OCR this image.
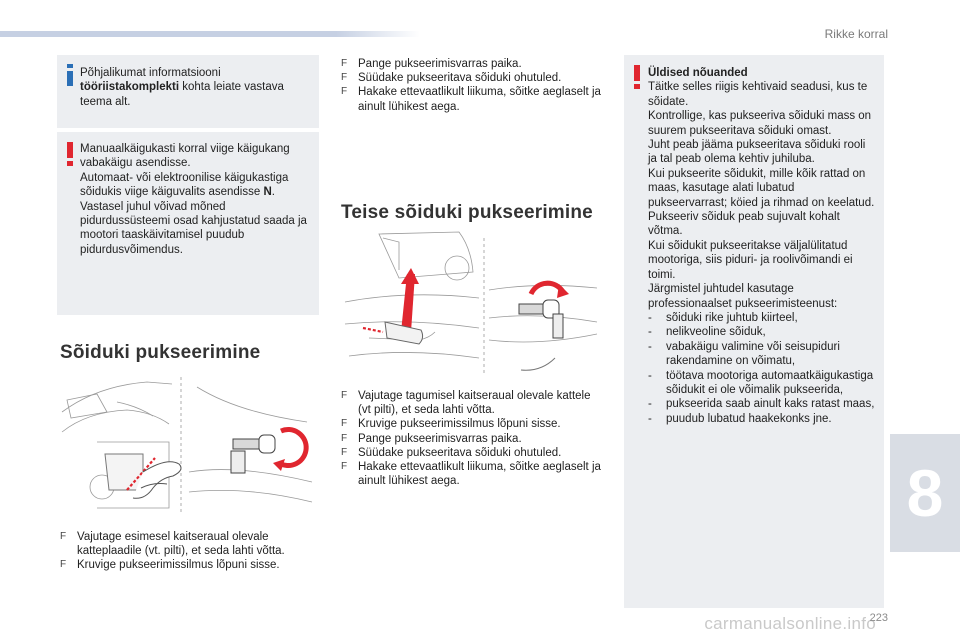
Rikke korral
Põhjalikumat informatsiooni
tööriistakomplekti kohta leiate vastava teema alt.
Manuaalkäigukasti korral viige käigukang vabakäigu asendisse.
Automaat- või elektroonilise käigukastiga sõidukis viige käiguvalits asendisse N.
Vastasel juhul võivad mõned pidurdussüsteemi osad kahjustatud saada ja mootori taaskäivitamisel puudub pidurdusvõimendus.
Sõiduki pukseerimine
F Vajutage esimesel kaitseraual olevale katteplaadile (vt. pilti), et seda lahti võtta.
F Kruvige pukseerimissilmus lõpuni sisse.
F Pange pukseerimisvarras paika.
F Süüdake pukseeritava sõiduki ohutuled.
F Hakake ettevaatlikult liikuma, sõitke aeglaselt ja ainult lühikest aega.
Teise sõiduki pukseerimine
F Vajutage tagumisel kaitseraual olevale kattele (vt pilti), et seda lahti võtta.
F Kruvige pukseerimissilmus lõpuni sisse.
F Pange pukseerimisvarras paika.
F Süüdake pukseeritava sõiduki ohutuled.
F Hakake ettevaatlikult liikuma, sõitke aeglaselt ja ainult lühikest aega.
Üldised nõuanded
Täitke selles riigis kehtivaid seadusi, kus te sõidate.
Kontrollige, kas pukseeriva sõiduki mass on suurem pukseeritava sõiduki omast.
Juht peab jääma pukseeritava sõiduki rooli ja tal peab olema kehtiv juhiluba.
Kui pukseerite sõidukit, mille kõik rattad on maas, kasutage alati lubatud pukseervarrast; köied ja rihmad on keelatud.
Pukseeriv sõiduk peab sujuvalt kohalt võtma.
Kui sõidukit pukseeritakse väljalülitatud mootoriga, siis piduri- ja roolivõimandi ei toimi.
Järgmistel juhtudel kasutage professionaalset pukseerimisteenust:
- sõiduki rike juhtub kiirteel,
- nelikveoline sõiduk,
- vabakäigu valimine või seisupiduri rakendamine on võimatu,
- töötava mootoriga automaatkäigukastiga sõidukit ei ole võimalik pukseerida,
- pukseerida saab ainult kaks ratast maas,
- puudub lubatud haakekonks jne.
8
carmanualsonline.info
223
